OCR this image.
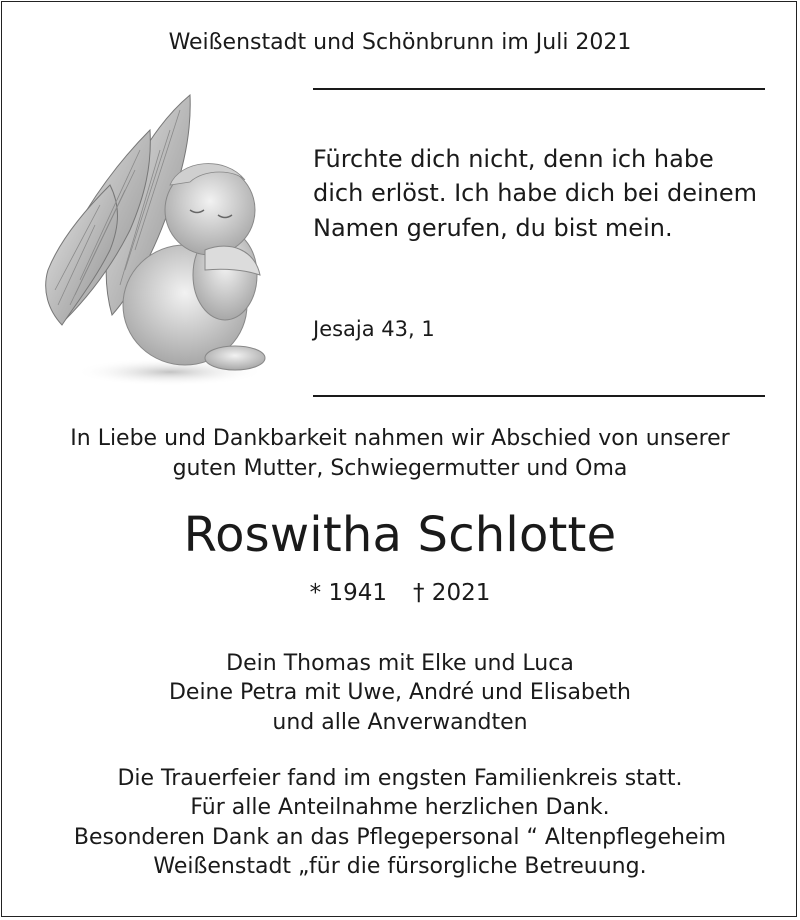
Weißenstadt und Schönbrunn im Juli 2021
Fürchte dich nicht, denn ich habe
dich erlöst. Ich habe dich bei deinem
Namen gerufen, du bist mein.
Jesaja 43, 1
In Liebe und Dankbarkeit nahmen wir Abschied von unserer
guten Mutter, Schwiegermutter und Oma
Roswitha Schlotte
* 1941 † 2021
Dein Thomas mit Elke und Luca
Deine Petra mit Uwe, André und Elisabeth
und alle Anverwandten
Die Trauerfeier fand im engsten Familienkreis statt.
Für alle Anteilnahme herzlichen Dank.
Besonderen Dank an das Pflegepersonal “ Altenpflegeheim
Weißenstadt „für die fürsorgliche Betreuung.
